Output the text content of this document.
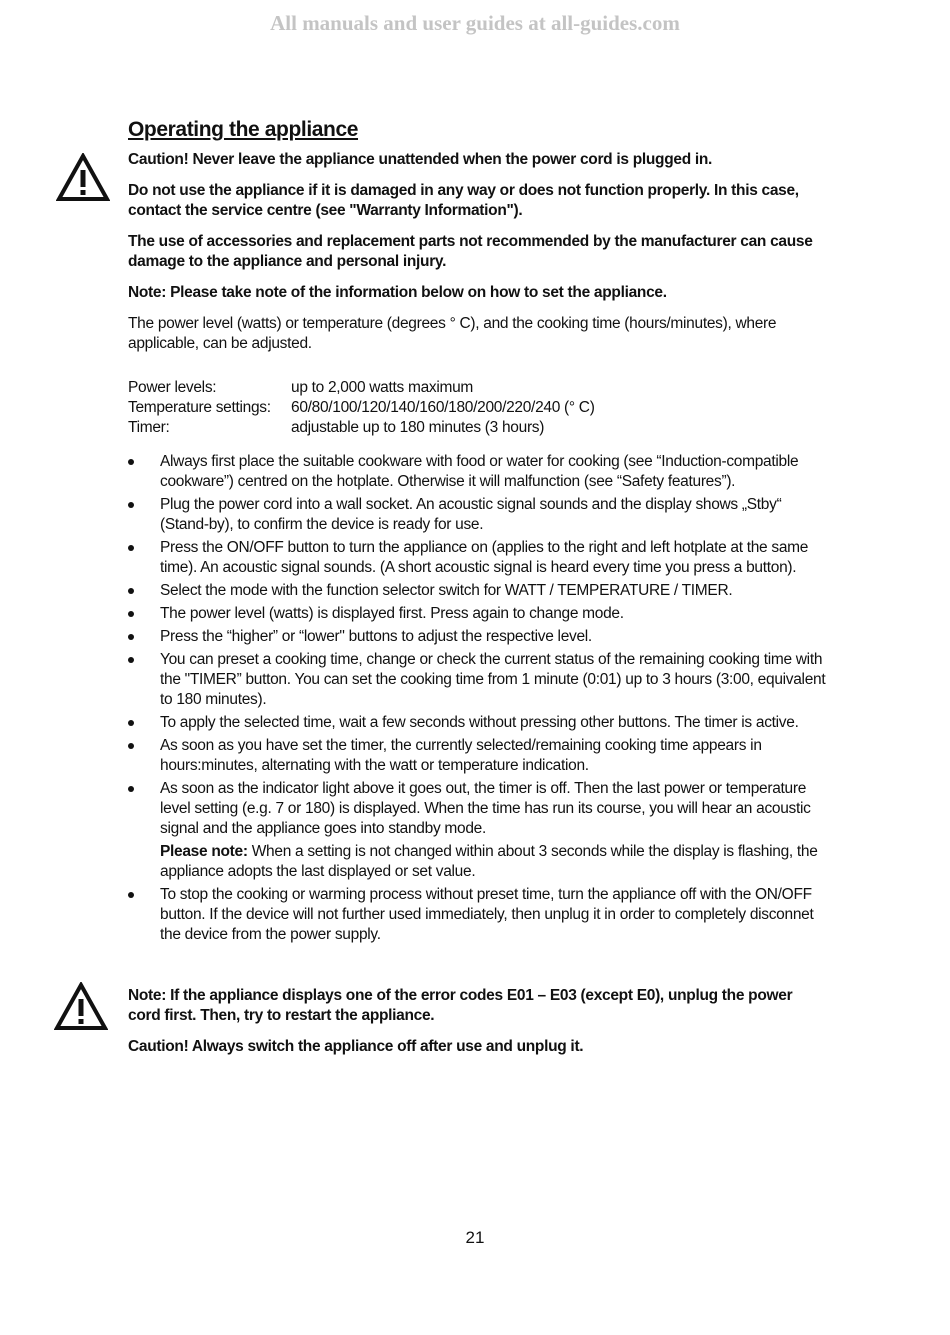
All manuals and user guides at all-guides.com
Operating the appliance

Caution! Never leave the appliance unattended when the power cord is plugged in.

Do not use the appliance if it is damaged in any way or does not function properly. In this case, contact the service centre (see "Warranty Information").

The use of accessories and replacement parts not recommended by the manufacturer can cause damage to the appliance and personal injury.

Note: Please take note of the information below on how to set the appliance.

The power level (watts) or temperature (degrees ° C), and the cooking time (hours/minutes), where applicable, can be adjusted.

Power levels:	up to 2,000 watts maximum
Temperature settings:	60/80/100/120/140/160/180/200/220/240 (° C)
Timer:	adjustable up to 180 minutes (3 hours)
Always first place the suitable cookware with food or water for cooking (see “Induction-compatible cookware”) centred on the hotplate. Otherwise it will malfunction (see “Safety features”).
Plug the power cord into a wall socket. An acoustic signal sounds and the display shows „Stby“ (Stand-by), to confirm the device is ready for use.
Press the ON/OFF button to turn the appliance on (applies to the right and left hotplate at the same time). An acoustic signal sounds. (A short acoustic signal is heard every time you press a button).
Select the mode with the function selector switch for WATT / TEMPERATURE / TIMER.
The power level (watts) is displayed first. Press again to change mode.
Press the “higher” or “lower" buttons to adjust the respective level.
You can preset a cooking time, change or check the current status of the remaining cooking time with the "TIMER” button. You can set the cooking time from 1 minute (0:01) up to 3 hours (3:00, equivalent to 180 minutes).
To apply the selected time, wait a few seconds without pressing other buttons. The timer is active.
As soon as you have set the timer, the currently selected/remaining cooking time appears in hours:minutes, alternating with the watt or temperature indication.
As soon as the indicator light above it goes out, the timer is off. Then the last power or temperature level setting (e.g. 7 or 180) is displayed. When the time has run its course, you will hear an acoustic signal and the appliance goes into standby mode.

Please note: When a setting is not changed within about 3 seconds while the display is flashing, the appliance adopts the last displayed or set value.

To stop the cooking or warming process without preset time, turn the appliance off with the ON/OFF button. If the device will not further used immediately, then unplug it in order to completely disconnet the device from the power supply.

Note: If the appliance displays one of the error codes E01 – E03 (except E0), unplug the power cord first. Then, try to restart the appliance.

Caution! Always switch the appliance off after use and unplug it.

21
